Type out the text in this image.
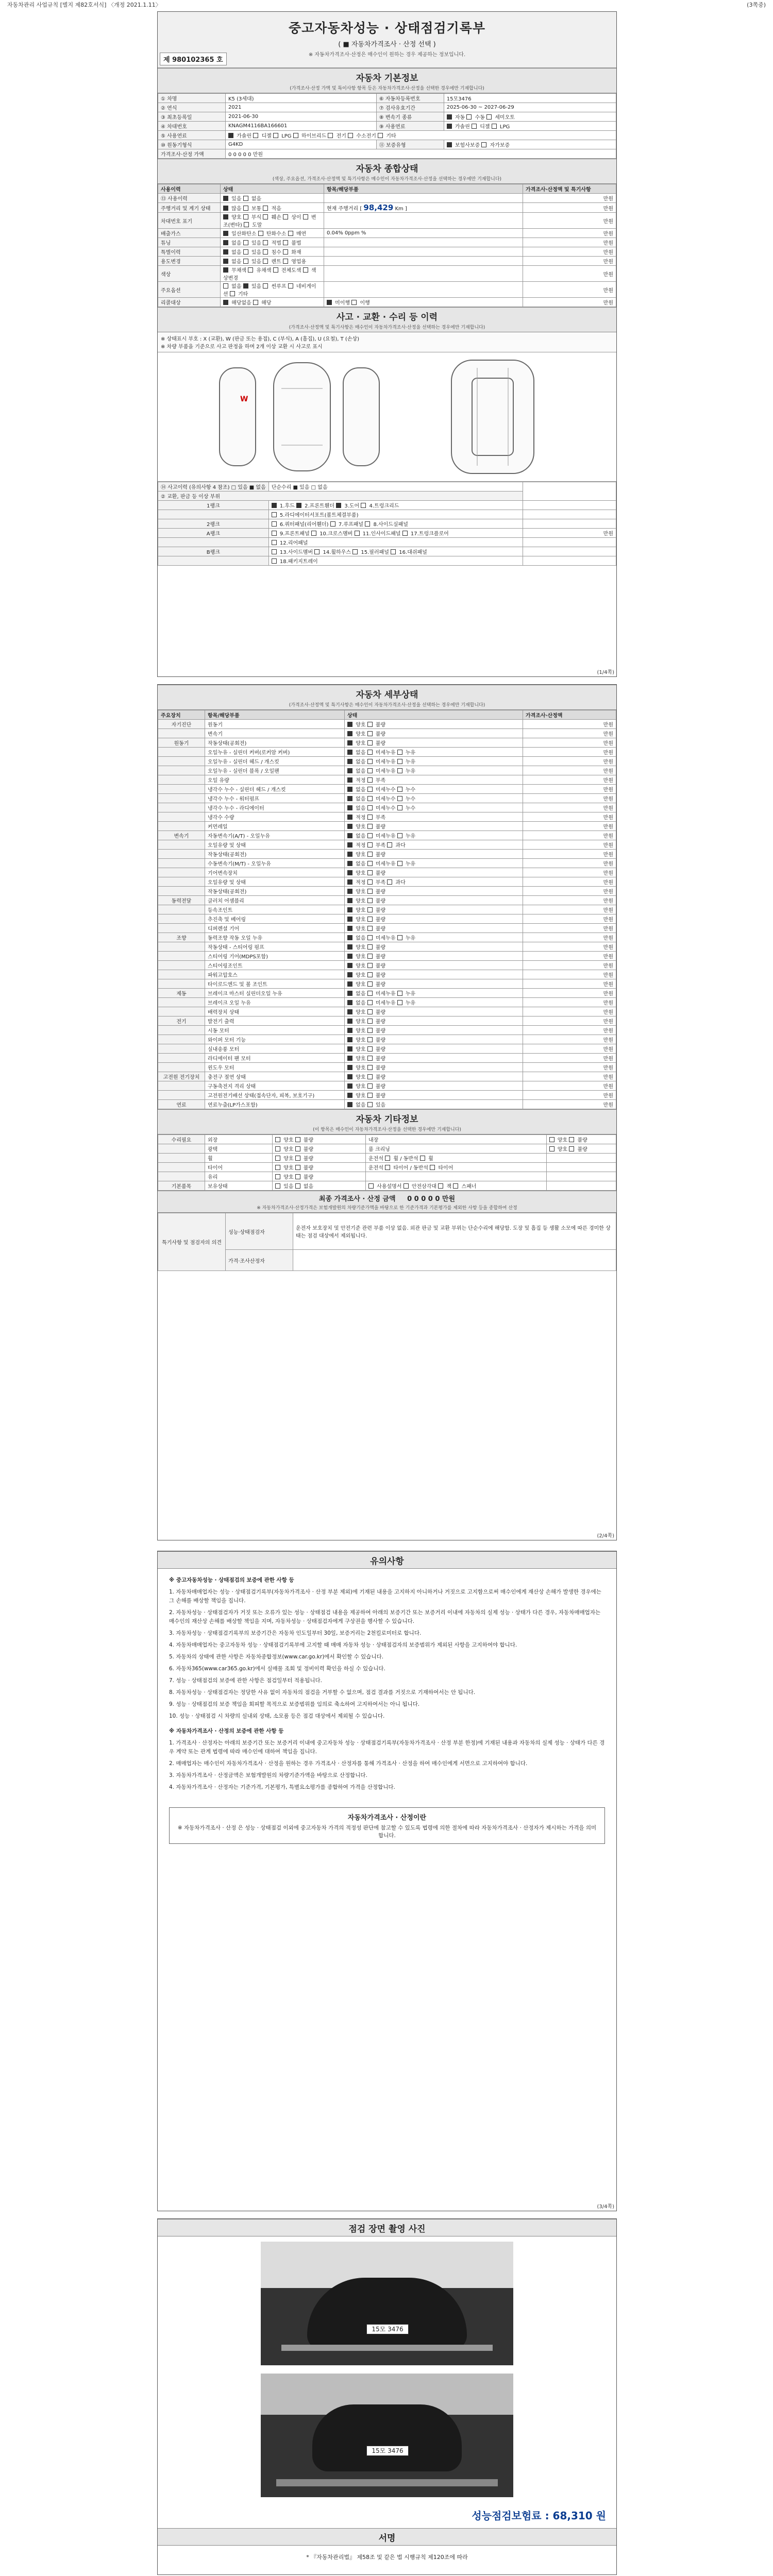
자동차관리 사업규칙 [별지 제82호서식] 〈개정 2021.1.11〉	(3쪽중)
중고자동차성능 · 상태점검기록부
( ■ 자동차가격조사 · 산정 선택 )
※ 자동차가격조사·산정은 매수인이 원하는 경우 제공하는 정보입니다.
제 980102365 호
자동차 기본정보
(가격조사·산정 가액 및 특이사항 항목 등은 자동차가격조사·산정을 선택한 경우에만 기재합니다)
① 차명	K5 (3세대)	⑥ 자동차등록번호	15모3476
② 연식	2021	⑦ 검사유효기간	2025-06-30 ~ 2027-06-29
③ 최초등록일	2021-06-30	⑧ 변속기 종류	자동  수동  세미오토
④ 차대번호	KNAGM4116BA166601	⑨ 사용연료	가솔린  디젤  LPG
⑤ 사용연료	가솔린  디젤  LPG  하이브리드  전기  수소전기  기타		
⑩ 원동기형식	G4KD	⑪ 보증유형	보험사보증  자가보증
가격조사·산정 가액	0 0 0 0 0 만원		
자동차 종합상태
(색상, 주요옵션, 가격조사·산정액 및 특기사항은 매수인이 자동차가격조사·산정을 선택하는 경우에만 기재합니다)
사용이력	상태	항목/해당부품	가격조사·산정액 및 특기사항
⑬ 사용이력	있음  없음		만원
주행거리 및 계기 상태	많음  보통  적음	현재 주행거리 [ 98,429 Km ]	만원
차대번호 표기	양호  부식  훼손  상이  변조(변타)  도말		만원
배출가스	일산화탄소  탄화수소  매연	0.04% 0ppm %	만원
튜닝	없음  있음  적법  불법		만원
특별이력	없음  있음  침수  화재		만원
용도변경	없음  있음  렌트  영업용		만원
색상	무채색  유채색  전체도색  색상변경		만원
주요옵션	없음  있음  썬루프  네비게이션  기타		만원
리콜대상	해당없음  해당	미이행  이행	만원
사고 · 교환 · 수리 등 이력
(가격조사·산정액 및 특기사항은 매수인이 자동차가격조사·산정을 선택하는 경우에만 기재합니다)
※ 상태표시 부호 : X (교환), W (판금 또는 용접), C (부식), A (흠집), U (요철), T (손상)
※ 차량 부품을 기준으로 사고 판정을 하며 2개 이상 교환 시 사고로 표시
W
⑭ 사고이력 (유의사항 4 참조) □ 있음 ■ 없음	단순수리 ■ 있음 □ 없음	
② 교환, 판금 등 이상 부위		
1랭크	1.후드  2.프론트휀더  3.도어  4.트렁크리드	
	5.라디에이터서포트(볼트체결부품)	
2랭크	6.쿼터패널(리어휀더)  7.루프패널  8.사이드실패널	
A랭크	9.프론트패널  10.크로스멤버  11.인사이드패널  17.트렁크플로어	만원
	12.리어패널	
B랭크	13.사이드멤버  14.휠하우스  15.필러패널  16.대쉬패널	
	18.패키지트레이	
(1/4쪽)
자동차 세부상태
(가격조사·산정액 및 특기사항은 매수인이 자동차가격조사·산정을 선택하는 경우에만 기재합니다)
주요장치	항목/해당부품	상태	가격조사·산정액
자기진단	원동기	양호  불량	만원
	변속기	양호  불량	만원
원동기	작동상태(공회전)	양호  불량	만원
	오일누유 - 실린더 커버(로커암 커버)	없음  미세누유  누유	만원
	오일누유 - 실린더 헤드 / 개스킷	없음  미세누유  누유	만원
	오일누유 - 실린더 블록 / 오일팬	없음  미세누유  누유	만원
	오일 유량	적정  부족	만원
	냉각수 누수 - 실린더 헤드 / 개스킷	없음  미세누수  누수	만원
	냉각수 누수 - 워터펌프	없음  미세누수  누수	만원
	냉각수 누수 - 라디에이터	없음  미세누수  누수	만원
	냉각수 수량	적정  부족	만원
	커먼레일	양호  불량	만원
변속기	자동변속기(A/T) - 오일누유	없음  미세누유  누유	만원
	오일유량 및 상태	적정  부족  과다	만원
	작동상태(공회전)	양호  불량	만원
	수동변속기(M/T) - 오일누유	없음  미세누유  누유	만원
	기어변속장치	양호  불량	만원
	오일유량 및 상태	적정  부족  과다	만원
	작동상태(공회전)	양호  불량	만원
동력전달	클러치 어셈블리	양호  불량	만원
	등속조인트	양호  불량	만원
	추진축 및 베어링	양호  불량	만원
	디퍼렌셜 기어	양호  불량	만원
조향	동력조향 작동 오일 누유	없음  미세누유  누유	만원
	작동상태 - 스티어링 펌프	양호  불량	만원
	스티어링 기어(MDPS포함)	양호  불량	만원
	스티어링조인트	양호  불량	만원
	파워고압호스	양호  불량	만원
	타이로드엔드 및 볼 조인트	양호  불량	만원
제동	브레이크 마스터 실린더오일 누유	없음  미세누유  누유	만원
	브레이크 오일 누유	없음  미세누유  누유	만원
	배력장치 상태	양호  불량	만원
전기	발전기 출력	양호  불량	만원
	시동 모터	양호  불량	만원
	와이퍼 모터 기능	양호  불량	만원
	실내송풍 모터	양호  불량	만원
	라디에이터 팬 모터	양호  불량	만원
	윈도우 모터	양호  불량	만원
고전원 전기장치	충전구 절연 상태	양호  불량	만원
	구동축전지 격리 상태	양호  불량	만원
	고전원전기배선 상태(접속단자, 피복, 보호기구)	양호  불량	만원
연료	연료누출(LP가스포함)	없음  있음	만원
자동차 기타정보
(이 항목은 매수인이 자동차가격조사·산정을 선택한 경우에만 기재합니다)
수리필요	외장	양호  불량	내장	양호  불량
	광택	양호  불량	룸 크리닝	양호  불량
	휠	양호  불량	운전석  휠 / 동반석  휠	
	타이어	양호  불량	운전석  타이어 / 동반석  타이어	
	유리	양호  불량		
기본품목	보유상태	있음  없음	사용설명서  안전삼각대  잭  스패너	
최종 가격조사 · 산정 금액 0 0 0 0 0 만원
※ 자동차가격조사·산정가격은 보험개발원의 차량기준가액을 바탕으로 한 기준가격과 기본평가를 제외한 사항 등을 종합하여 산정
특기사항 및 점검자의 의견	성능·상태점검자	운전자 보호장치 및 안전기준 관련 부품 이상 없음. 외관 판금 및 교환 부위는 단순수리에 해당함. 도장 및 흠집 등 생활 소모에 따른 경미한 상태는 점검 대상에서 제외됩니다.
	가격·조사산정자	
(2/4쪽)
유의사항

※ 중고자동차성능 · 상태점검의 보증에 관한 사항 등

1. 자동차매매업자는 성능 · 상태점검기록부(자동차가격조사 · 산정 부분 제외)에 기재된 내용을 고지하지 아니하거나 거짓으로 고지함으로써 매수인에게 재산상 손해가 발생한 경우에는 그 손해를 배상할 책임을 집니다.

2. 자동차성능 · 상태점검자가 거짓 또는 오류가 있는 성능 · 상태점검 내용을 제공하여 아래의 보증기간 또는 보증거리 이내에 자동차의 실제 성능 · 상태가 다른 경우, 자동차매매업자는 매수인의 재산상 손해를 배상할 책임을 지며, 자동차성능 · 상태점검자에게 구상권을 행사할 수 있습니다.

3. 자동차성능 · 상태점검기록부의 보증기간은 자동차 인도일부터 30일, 보증거리는 2천킬로미터로 합니다.

4. 자동차매매업자는 중고자동차 성능 · 상태점검기록부에 고지할 때 매매 자동차 성능 · 상태점검자의 보증범위가 제외된 사항을 고지하여야 합니다.

5. 자동차의 상태에 관한 사항은 자동차종합정보(www.car.go.kr)에서 확인할 수 있습니다.

6. 자동차365(www.car365.go.kr)에서 실매물 조회 및 정비이력 확인을 하실 수 있습니다.

7. 성능 · 상태점검의 보증에 관한 사항은 점검일부터 적용됩니다.

8. 자동차성능 · 상태점검자는 정당한 사유 없이 자동차의 점검을 거부할 수 없으며, 점검 결과를 거짓으로 기재하여서는 안 됩니다.

9. 성능 · 상태점검의 보증 책임을 회피할 목적으로 보증범위를 임의로 축소하여 고지하여서는 아니 됩니다.

10. 성능 · 상태점검 시 차량의 실내외 상태, 소모품 등은 점검 대상에서 제외될 수 있습니다.

※ 자동차가격조사 · 산정의 보증에 관한 사항 등

1. 가격조사 · 산정자는 아래의 보증기간 또는 보증거리 이내에 중고자동차 성능 · 상태점검기록부(자동차가격조사 · 산정 부분 한정)에 기재된 내용과 자동차의 실제 성능 · 상태가 다른 경우 계약 또는 관계 법령에 따라 매수인에 대하여 책임을 집니다.

2. 매매업자는 매수인이 자동차가격조사 · 산정을 원하는 경우 가격조사 · 산정자를 통해 가격조사 · 산정을 하여 매수인에게 서면으로 고지하여야 합니다.

3. 자동차가격조사 · 산정금액은 보험개발원의 차량기준가액을 바탕으로 산정합니다.

4. 자동차가격조사 · 산정자는 기준가격, 기본평가, 특별요소평가를 종합하여 가격을 산정합니다.

자동차가격조사 · 산정이란
※ 자동차가격조사 · 산정 은 성능 · 상태점검 이외에 중고자동차 가격의 적정성 판단에 참고할 수 있도록 법령에 의한 절차에 따라 자동차가격조사 · 산정자가 제시하는 가격을 의미합니다.
(3/4쪽)
점검 장면 촬영 사진
15모 3476
15모 3476
성능점검보험료 : 68,310 원
서명
* 『자동차관리법』 제58조 및 같은 법 시행규칙 제120조에 따라
